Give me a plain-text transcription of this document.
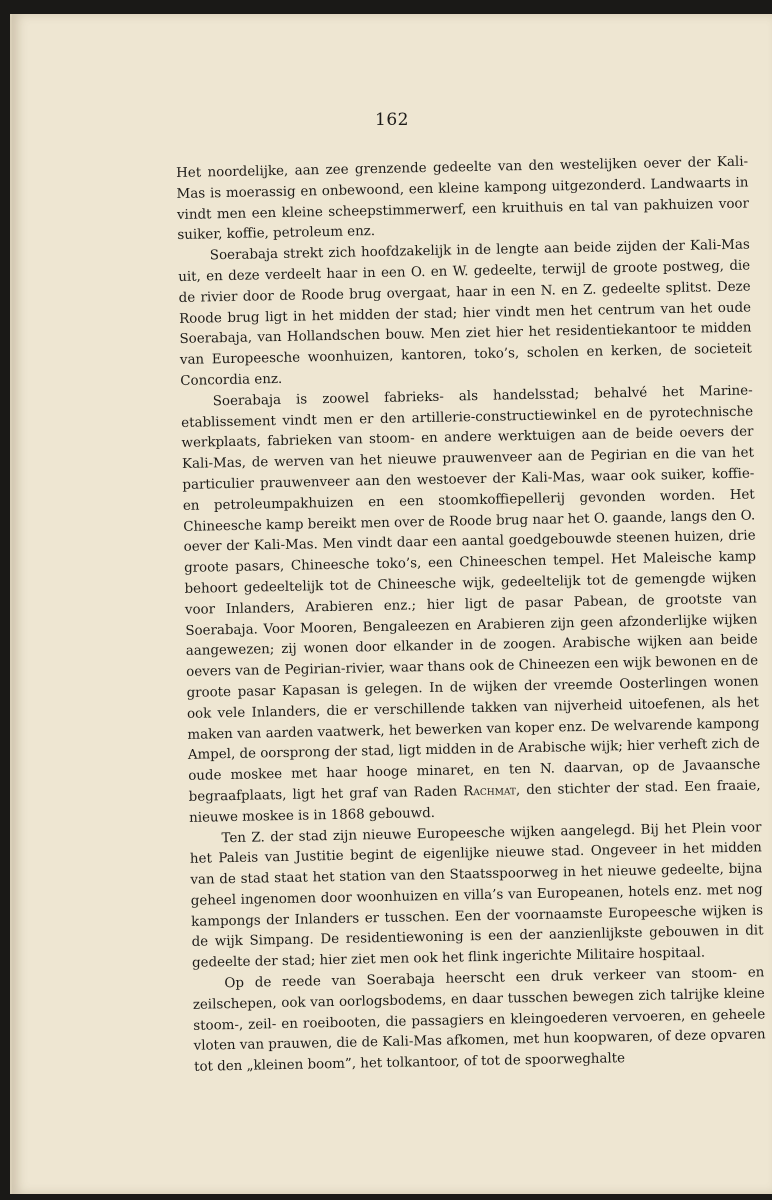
162

Het noordelijke, aan zee grenzende gedeelte van den westelijken oever der Kali-Mas is moerassig en onbewoond, een kleine kampong uitgezonderd. Landwaarts in vindt men een kleine scheepstimmerwerf, een kruithuis en tal van pakhuizen voor suiker, koffie, petroleum enz.

Soerabaja strekt zich hoofdzakelijk in de lengte aan beide zijden der Kali-Mas uit, en deze verdeelt haar in een O. en W. gedeelte, terwijl de groote postweg, die de rivier door de Roode brug overgaat, haar in een N. en Z. gedeelte splitst. Deze Roode brug ligt in het midden der stad; hier vindt men het centrum van het oude Soerabaja, van Hollandschen bouw. Men ziet hier het residentiekantoor te midden van Europeesche woonhuizen, kantoren, toko’s, scholen en kerken, de societeit Concordia enz.

Soerabaja is zoowel fabrieks- als handelsstad; behalvé het Marine-etablissement vindt men er den artillerie-constructiewinkel en de pyrotechnische werkplaats, fabrieken van stoom- en andere werktuigen aan de beide oevers der Kali-Mas, de werven van het nieuwe prauwenveer aan de Pegirian en die van het particulier prauwenveer aan den westoever der Kali-Mas, waar ook suiker, koffie- en petroleumpakhuizen en een stoomkoffiepellerij gevonden worden. Het Chineesche kamp bereikt men over de Roode brug naar het O. gaande, langs den O. oever der Kali-Mas. Men vindt daar een aantal goedgebouwde steenen huizen, drie groote pasars, Chineesche toko’s, een Chineeschen tempel. Het Maleische kamp behoort gedeeltelijk tot de Chineesche wijk, gedeeltelijk tot de gemengde wijken voor Inlanders, Arabieren enz.; hier ligt de pasar Pabean, de grootste van Soerabaja. Voor Mooren, Bengaleezen en Arabieren zijn geen afzonderlijke wijken aangewezen; zij wonen door elkander in de zoogen. Arabische wijken aan beide oevers van de Pegirian-rivier, waar thans ook de Chineezen een wijk bewonen en de groote pasar Kapasan is gelegen. In de wijken der vreemde Oosterlingen wonen ook vele Inlanders, die er verschillende takken van nijverheid uitoefenen, als het maken van aarden vaatwerk, het bewerken van koper enz. De welvarende kampong Ampel, de oorsprong der stad, ligt midden in de Arabische wijk; hier verheft zich de oude moskee met haar hooge minaret, en ten N. daarvan, op de Javaansche begraafplaats, ligt het graf van Raden Rachmat, den stichter der stad. Een fraaie, nieuwe moskee is in 1868 gebouwd.

Ten Z. der stad zijn nieuwe Europeesche wijken aangelegd. Bij het Plein voor het Paleis van Justitie begint de eigenlijke nieuwe stad. Ongeveer in het midden van de stad staat het station van den Staatsspoorweg in het nieuwe gedeelte, bijna geheel ingenomen door woonhuizen en villa’s van Europeanen, hotels enz. met nog kampongs der Inlanders er tusschen. Een der voornaamste Europeesche wijken is de wijk Simpang. De residentiewoning is een der aanzienlijkste gebouwen in dit gedeelte der stad; hier ziet men ook het flink ingerichte Militaire hospitaal.

Op de reede van Soerabaja heerscht een druk verkeer van stoom- en zeilschepen, ook van oorlogsbodems, en daar tusschen bewegen zich talrijke kleine stoom-, zeil- en roeibooten, die passagiers en kleingoederen vervoeren, en geheele vloten van prauwen, die de Kali-Mas afkomen, met hun koopwaren, of deze opvaren tot den „kleinen boom”, het tolkantoor, of tot de spoorweghalte
